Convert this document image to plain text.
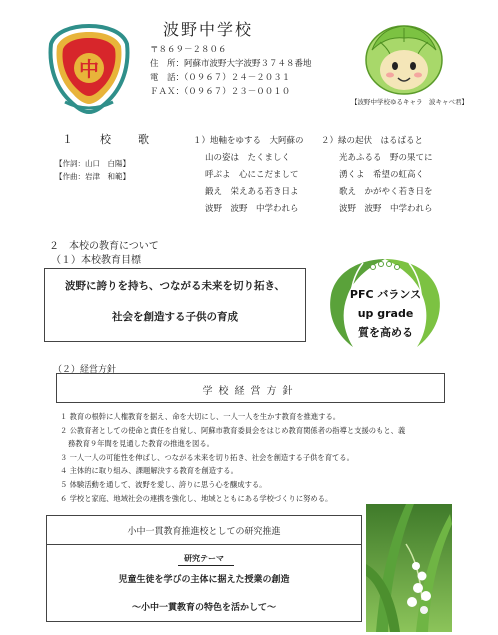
中
波野中学校
〒８６９－２８０６
住　所：阿蘇市波野大字波野３７４８番地
電　話：（０９６７）２４－２０３１
ＦＡＸ：（０９６７）２３－００１０
【波野中学校ゆるキャラ　波キャベ君】
１　校　歌
【作詞：山口　白陽】
【作曲：岩津　和範】
１）地軸をゆする　大阿蘇の
山の姿は　たくましく
呼ぶよ　心にこだまして
鍛え　栄えある若き日よ
波野　波野　中学われら
２）緑の起伏　はるばると
光あふるる　野の果てに
湧くよ　希望の虹高く
歌え　かがやく若き日を
波野　波野　中学われら
２　本校の教育について
（１）本校教育目標
波野に誇りを持ち、つながる未来を切り拓き、
社会を創造する子供の育成
PFC バランス
up grade
質を高める
（２）経営方針
学校経営方針
１ 教育の根幹に人権教育を据え、命を大切にし、一人一人を生かす教育を推進する。
２ 公教育者としての使命と責任を自覚し、阿蘇市教育委員会をはじめ教育関係者の指導と支援のもと、義
務教育９年間を見通した教育の推進を図る。
３ 一人一人の可能性を伸ばし、つながる未来を切り拓き、社会を創造する子供を育てる。
４ 主体的に取り組み、課題解決する教育を創造する。
５ 体験活動を通して、波野を愛し、誇りに思う心を醸成する。
６ 学校と家庭、地域社会の連携を強化し、地域とともにある学校づくりに努める。
小中一貫教育推進校としての研究推進
研究テーマ
児童生徒を学びの主体に据えた授業の創造
～小中一貫教育の特色を活かして～
